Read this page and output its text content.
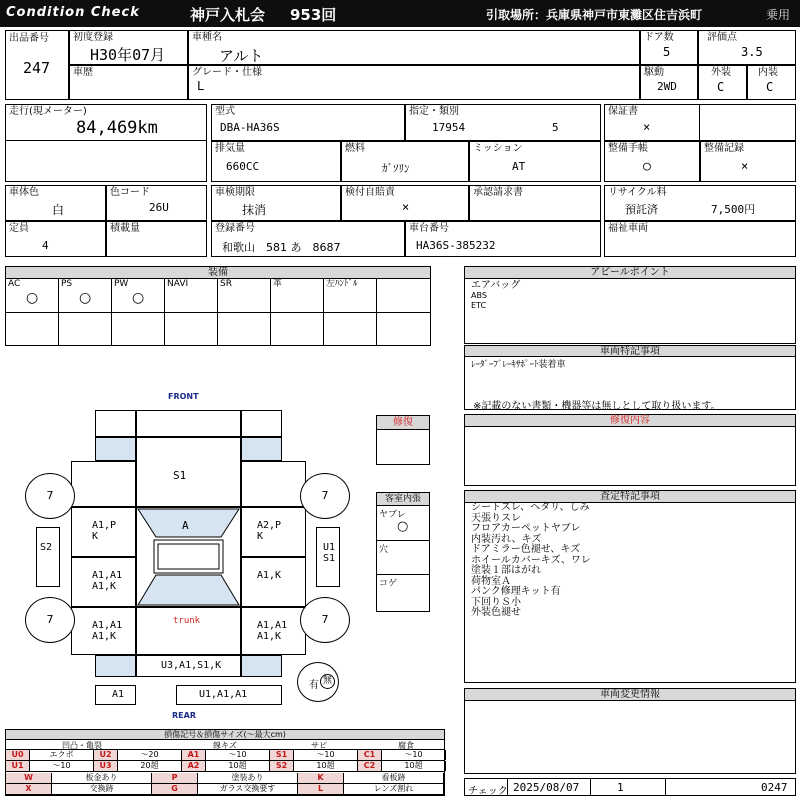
Condition Check	神戸入札会 953回	引取場所：兵庫県神戸市東灘区住吉浜町	乗用
出品番号
247
初度登録
H30年07月
車歴
車種名
アルト
グレード・仕様
L
ドア数
5
評価点
3.5
駆動
2WD
外装
C
内装
C
走行(現メーター)
84,469km
型式
DBA-HA36S
指定・類別
17954	5
保証書
×
排気量
660CC
燃料
ｶﾞｿﾘﾝ
ミッション
AT
整備手帳
○
整備記録
×
車体色
白
色コード
26U
車検期限
抹消
検付自賠責
×
承認請求書	リサイクル料
預託済	7,500円
定員
4
積載量	登録番号
和歌山　581 あ　8687
車台番号
HA36S-385232
福祉車両
装備
AC
○
PS
○
PW
○
NAVI	SR	革	左ﾊﾝﾄﾞﾙ
アピールポイント
エアバッグ
ABS
ETC
車両特記事項
ﾚｰﾀﾞｰﾌﾞﾚｰｷｻﾎﾟｰﾄ装着車
※記載のない書類・機器等は無しとして取り扱います。
修復内容
査定特記事項
シートスレ、ヘタリ、しみ
天張りスレ
フロアカーペットヤブレ
内装汚れ、キズ
ドアミラー色褪せ、キズ
ホイールカバーキズ、ワレ
塗装１部はがれ
荷物室Ａ
パンク修理キット有
下回りＳ小
外装色褪せ
車両変更情報
チェック 2025/08/07	1	0247
FRONT
REAR
S1
A1,P K
A2,P K
A1,A1 A1,K
A1,K
A1,A1 A1,K
A1,A1 A1,K
A
trunk
U3,A1,S1,K
A1	U1,A1,A1
S2	U1 S1
7	7
7	7
有 無
修復
客室内張
ヤブレ
○
穴
コゲ
損傷記号＆損傷サイズ(〜最大cm)
凹凸・亀裂	線キズ	サビ	腐食
U0	エクボ	U2	〜20	A1	〜10	S1	〜10	C1	〜10
U1	〜10	U3	20超	A2	10超	S2	10超	C2	10超
W	板金あり	P	塗装あり	K	看板跡
X	交換跡	G	ガラス交換要す	L	レンズ割れ
